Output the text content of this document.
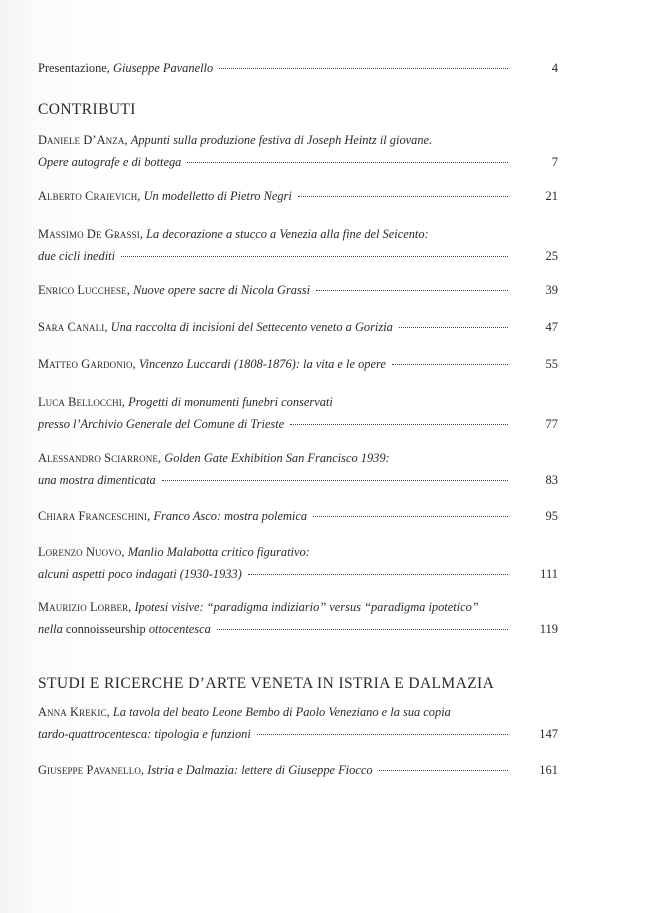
Presentazione,
Giuseppe Pavanello	4
CONTRIBUTI
Daniele D’Anza,
Appunti sulla produzione festiva di Joseph Heintz il giovane.
Opere autografe e di bottega	7
Alberto Craievich,
Un modelletto di Pietro Negri	21
Massimo De Grassi,
La decorazione a stucco a Venezia alla fine del Seicento:
due cicli inediti	25
Enrico Lucchese,
Nuove opere sacre di Nicola Grassi	39
Sara Canali,
Una raccolta di incisioni del Settecento veneto a Gorizia	47
Matteo Gardonio,
Vincenzo Luccardi (1808-1876): la vita e le opere	55
Luca Bellocchi,
Progetti di monumenti funebri conservati
presso l’Archivio Generale del Comune di Trieste	77
Alessandro Sciarrone,
Golden Gate Exhibition San Francisco 1939:
una mostra dimenticata	83
Chiara Franceschini,
Franco Asco: mostra polemica	95
Lorenzo Nuovo,
Manlio Malabotta critico figurativo:
alcuni aspetti poco indagati (1930-1933)	111
Maurizio Lorber,
Ipotesi visive: “paradigma indiziario” versus “paradigma ipotetico”
nella
connoisseurship
ottocentesca	119
STUDI E RICERCHE D’ARTE VENETA IN ISTRIA E DALMAZIA
Anna Krekic,
La tavola del beato Leone Bembo di Paolo Veneziano e la sua copia
tardo-quattrocentesca: tipologia e funzioni	147
Giuseppe Pavanello,
Istria e Dalmazia: lettere di Giuseppe Fiocco	161
